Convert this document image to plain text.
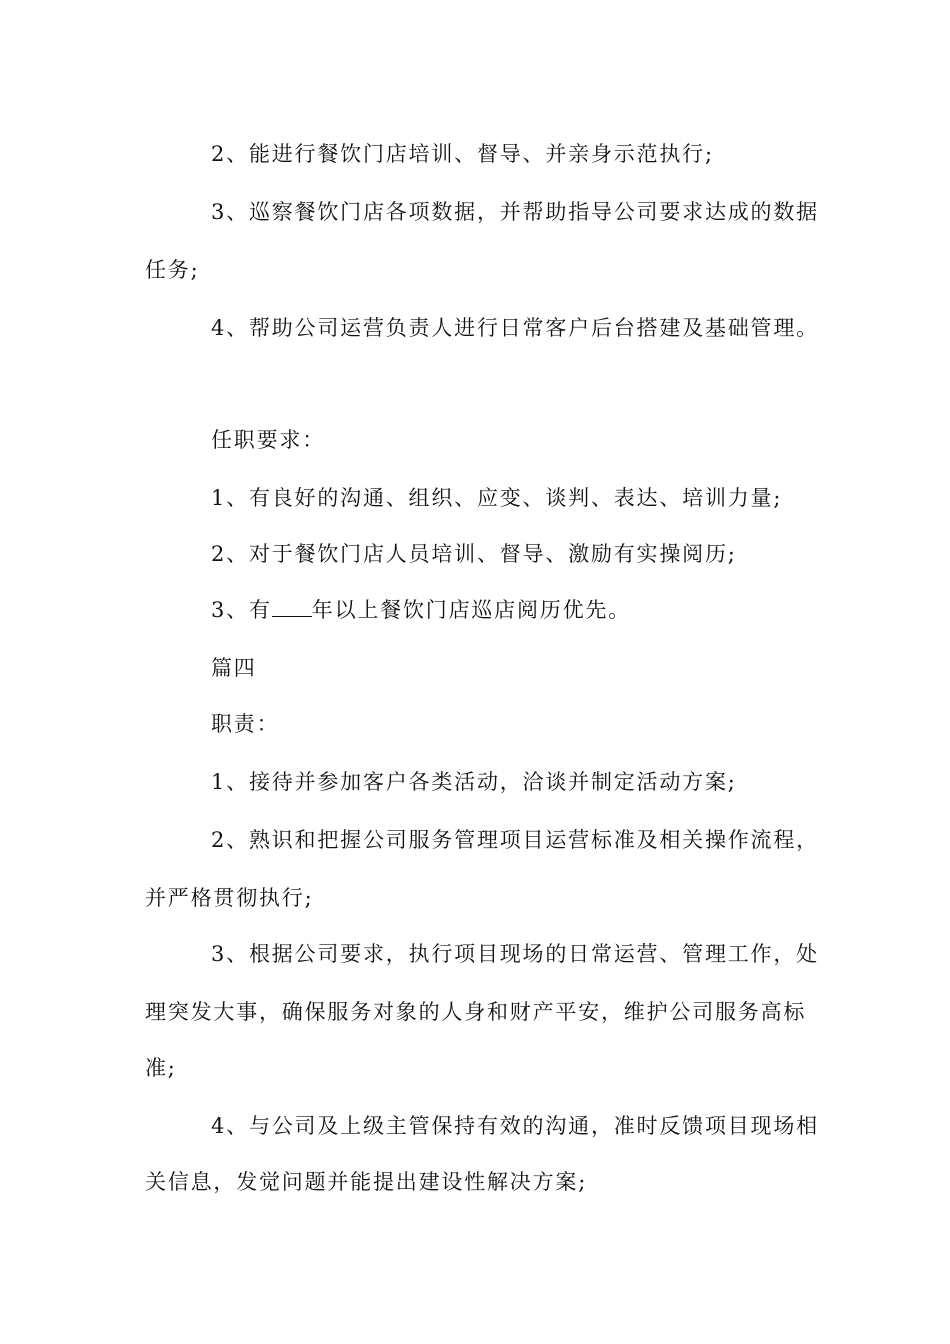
2、能进行餐饮门店培训、督导、并亲身示范执行;

3、巡察餐饮门店各项数据，并帮助指导公司要求达成的数据

任务;

4、帮助公司运营负责人进行日常客户后台搭建及基础管理。

任职要求：

1、有良好的沟通、组织、应变、谈判、表达、培训力量;

2、对于餐饮门店人员培训、督导、激励有实操阅历;

3、有 年以上餐饮门店巡店阅历优先。

篇四

职责：

1、接待并参加客户各类活动，洽谈并制定活动方案;

2、熟识和把握公司服务管理项目运营标准及相关操作流程，

并严格贯彻执行;

3、根据公司要求，执行项目现场的日常运营、管理工作，处

理突发大事，确保服务对象的人身和财产平安，维护公司服务高标

准;

4、与公司及上级主管保持有效的沟通，准时反馈项目现场相

关信息，发觉问题并能提出建设性解决方案;
